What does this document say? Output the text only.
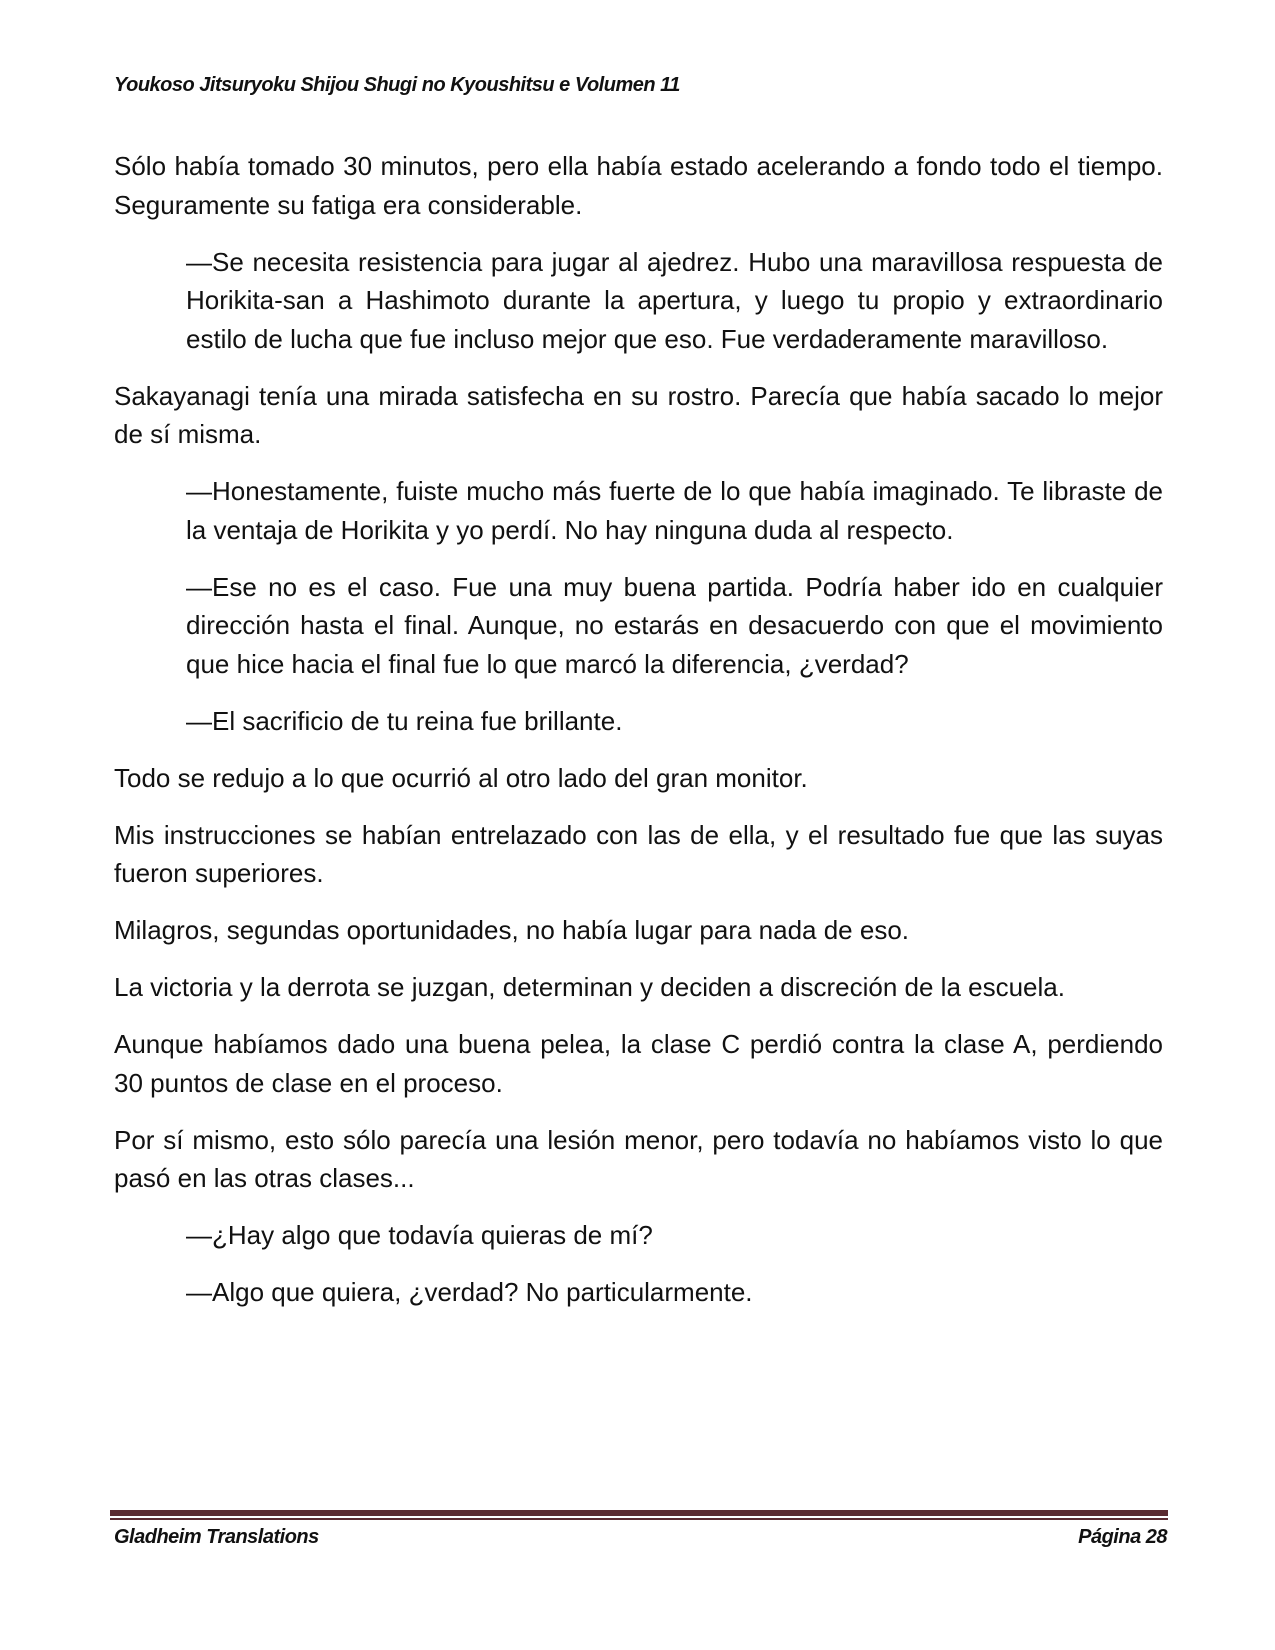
Youkoso Jitsuryoku Shijou Shugi no Kyoushitsu e Volumen 11

Sólo había tomado 30 minutos, pero ella había estado acelerando a fondo todo el tiempo. Seguramente su fatiga era considerable.

—Se necesita resistencia para jugar al ajedrez. Hubo una maravillosa respuesta de Horikita-san a Hashimoto durante la apertura, y luego tu propio y extraordinario estilo de lucha que fue incluso mejor que eso. Fue verdaderamente maravilloso.

Sakayanagi tenía una mirada satisfecha en su rostro. Parecía que había sacado lo mejor de sí misma.

—Honestamente, fuiste mucho más fuerte de lo que había imaginado. Te libraste de la ventaja de Horikita y yo perdí. No hay ninguna duda al respecto.

—Ese no es el caso. Fue una muy buena partida. Podría haber ido en cualquier dirección hasta el final. Aunque, no estarás en desacuerdo con que el movimiento que hice hacia el final fue lo que marcó la diferencia, ¿verdad?

—El sacrificio de tu reina fue brillante.

Todo se redujo a lo que ocurrió al otro lado del gran monitor.

Mis instrucciones se habían entrelazado con las de ella, y el resultado fue que las suyas fueron superiores.

Milagros, segundas oportunidades, no había lugar para nada de eso.

La victoria y la derrota se juzgan, determinan y deciden a discreción de la escuela.

Aunque habíamos dado una buena pelea, la clase C perdió contra la clase A, perdiendo 30 puntos de clase en el proceso.

Por sí mismo, esto sólo parecía una lesión menor, pero todavía no habíamos visto lo que pasó en las otras clases...

—¿Hay algo que todavía quieras de mí?

—Algo que quiera, ¿verdad? No particularmente.

Gladheim Translations	Página 28
